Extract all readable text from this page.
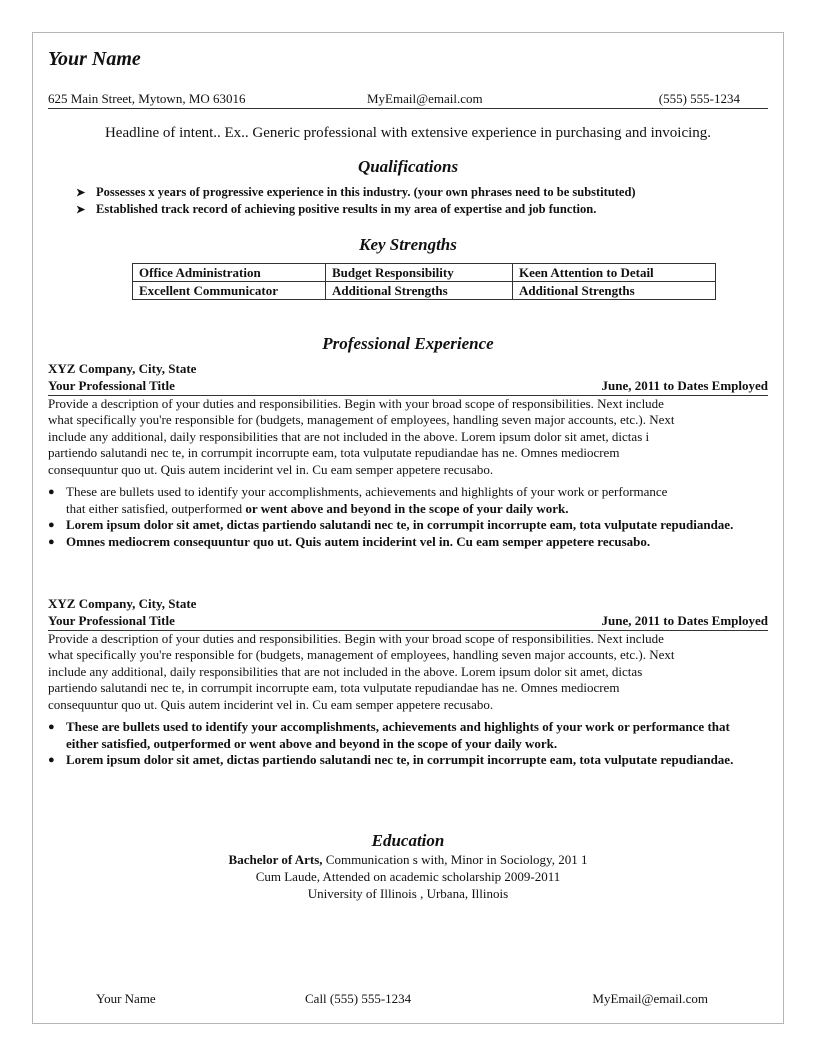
Your Name
625 Main Street, Mytown, MO 63016	MyEmail@email.com	(555) 555-1234
Headline of intent.. Ex.. Generic professional with extensive experience in purchasing and invoicing.
Qualifications
➤ Possesses x years of progressive experience in this industry. (your own phrases need to be substituted)
➤ Established track record of achieving positive results in my area of expertise and job function.
Key Strengths
Office Administration	Budget Responsibility	Keen Attention to Detail
Excellent Communicator	Additional Strengths	Additional Strengths
Professional Experience
XYZ Company, City, State
Your Professional Title	June, 2011 to Dates Employed
Provide a description of your duties and responsibilities. Begin with your broad scope of responsibilities. Next include
what specifically you're responsible for (budgets, management of employees, handling seven major accounts, etc.). Next
include any additional, daily responsibilities that are not included in the above. Lorem ipsum dolor sit amet, dictas i
partiendo salutandi nec te, in corrumpit incorrupte eam, tota vulputate repudiandae has ne. Omnes mediocrem
consequuntur quo ut. Quis autem inciderint vel in. Cu eam semper appetere recusabo.
● These are bullets used to identify your accomplishments, achievements and highlights of your work or performance
that either satisfied, outperformed or went above and beyond in the scope of your daily work.
● Lorem ipsum dolor sit amet, dictas partiendo salutandi nec te, in corrumpit incorrupte eam, tota vulputate repudiandae.
● Omnes mediocrem consequuntur quo ut. Quis autem inciderint vel in. Cu eam semper appetere recusabo.
XYZ Company, City, State
Your Professional Title	June, 2011 to Dates Employed
Provide a description of your duties and responsibilities. Begin with your broad scope of responsibilities. Next include
what specifically you're responsible for (budgets, management of employees, handling seven major accounts, etc.). Next
include any additional, daily responsibilities that are not included in the above. Lorem ipsum dolor sit amet, dictas
partiendo salutandi nec te, in corrumpit incorrupte eam, tota vulputate repudiandae has ne. Omnes mediocrem
consequuntur quo ut. Quis autem inciderint vel in. Cu eam semper appetere recusabo.
● These are bullets used to identify your accomplishments, achievements and highlights of your work or performance that either satisfied, outperformed or went above and beyond in the scope of your daily work.
● Lorem ipsum dolor sit amet, dictas partiendo salutandi nec te, in corrumpit incorrupte eam, tota vulputate repudiandae.
Education
Bachelor of Arts, Communication s with, Minor in Sociology, 201 1
Cum Laude, Attended on academic scholarship 2009-2011
University of Illinois , Urbana, Illinois
Your Name	Call (555) 555-1234	MyEmail@email.com
